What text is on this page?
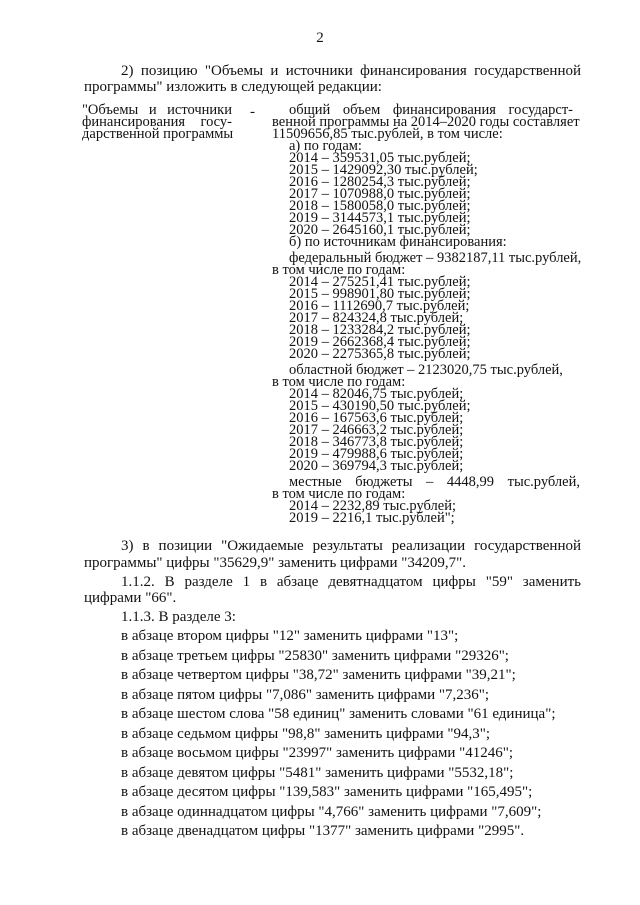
2
2) позицию "Объемы и источники финансирования государственной
программы" изложить в следующей редакции:
"Объемы и источники
финансирования госу-
дарственной программы
- общий объем финансирования государст-
венной программы на 2014–2020 годы составляет
11509656,85 тыс.рублей, в том числе:
а) по годам:
2014 – 359531,05 тыс.рублей;
2015 – 1429092,30 тыс.рублей;
2016 – 1280254,3 тыс.рублей;
2017 – 1070988,0 тыс.рублей;
2018 – 1580058,0 тыс.рублей;
2019 – 3144573,1 тыс.рублей;
2020 – 2645160,1 тыс.рублей;
б) по источникам финансирования:
федеральный бюджет – 9382187,11 тыс.рублей,
в том числе по годам:
2014 – 275251,41 тыс.рублей;
2015 – 998901,80 тыс.рублей;
2016 – 1112690,7 тыс.рублей;
2017 – 824324,8 тыс.рублей;
2018 – 1233284,2 тыс.рублей;
2019 – 2662368,4 тыс.рублей;
2020 – 2275365,8 тыс.рублей;
областной бюджет – 2123020,75 тыс.рублей,
в том числе по годам:
2014 – 82046,75 тыс.рублей;
2015 – 430190,50 тыс.рублей;
2016 – 167563,6 тыс.рублей;
2017 – 246663,2 тыс.рублей;
2018 – 346773,8 тыс.рублей;
2019 – 479988,6 тыс.рублей;
2020 – 369794,3 тыс.рублей;
местные бюджеты – 4448,99 тыс.рублей,
в том числе по годам:
2014 – 2232,89 тыс.рублей;
2019 – 2216,1 тыс.рублей";
3) в позиции "Ожидаемые результаты реализации государственной
программы" цифры "35629,9" заменить цифрами "34209,7".
1.1.2. В разделе 1 в абзаце девятнадцатом цифры "59" заменить
цифрами "66".
1.1.3. В разделе 3:
в абзаце втором цифры "12" заменить цифрами "13";
в абзаце третьем цифры "25830" заменить цифрами "29326";
в абзаце четвертом цифры "38,72" заменить цифрами "39,21";
в абзаце пятом цифры "7,086" заменить цифрами "7,236";
в абзаце шестом слова "58 единиц" заменить словами "61 единица";
в абзаце седьмом цифры "98,8" заменить цифрами "94,3";
в абзаце восьмом цифры "23997" заменить цифрами "41246";
в абзаце девятом цифры "5481" заменить цифрами "5532,18";
в абзаце десятом цифры "139,583" заменить цифрами "165,495";
в абзаце одиннадцатом цифры "4,766" заменить цифрами "7,609";
в абзаце двенадцатом цифры "1377" заменить цифрами "2995".
